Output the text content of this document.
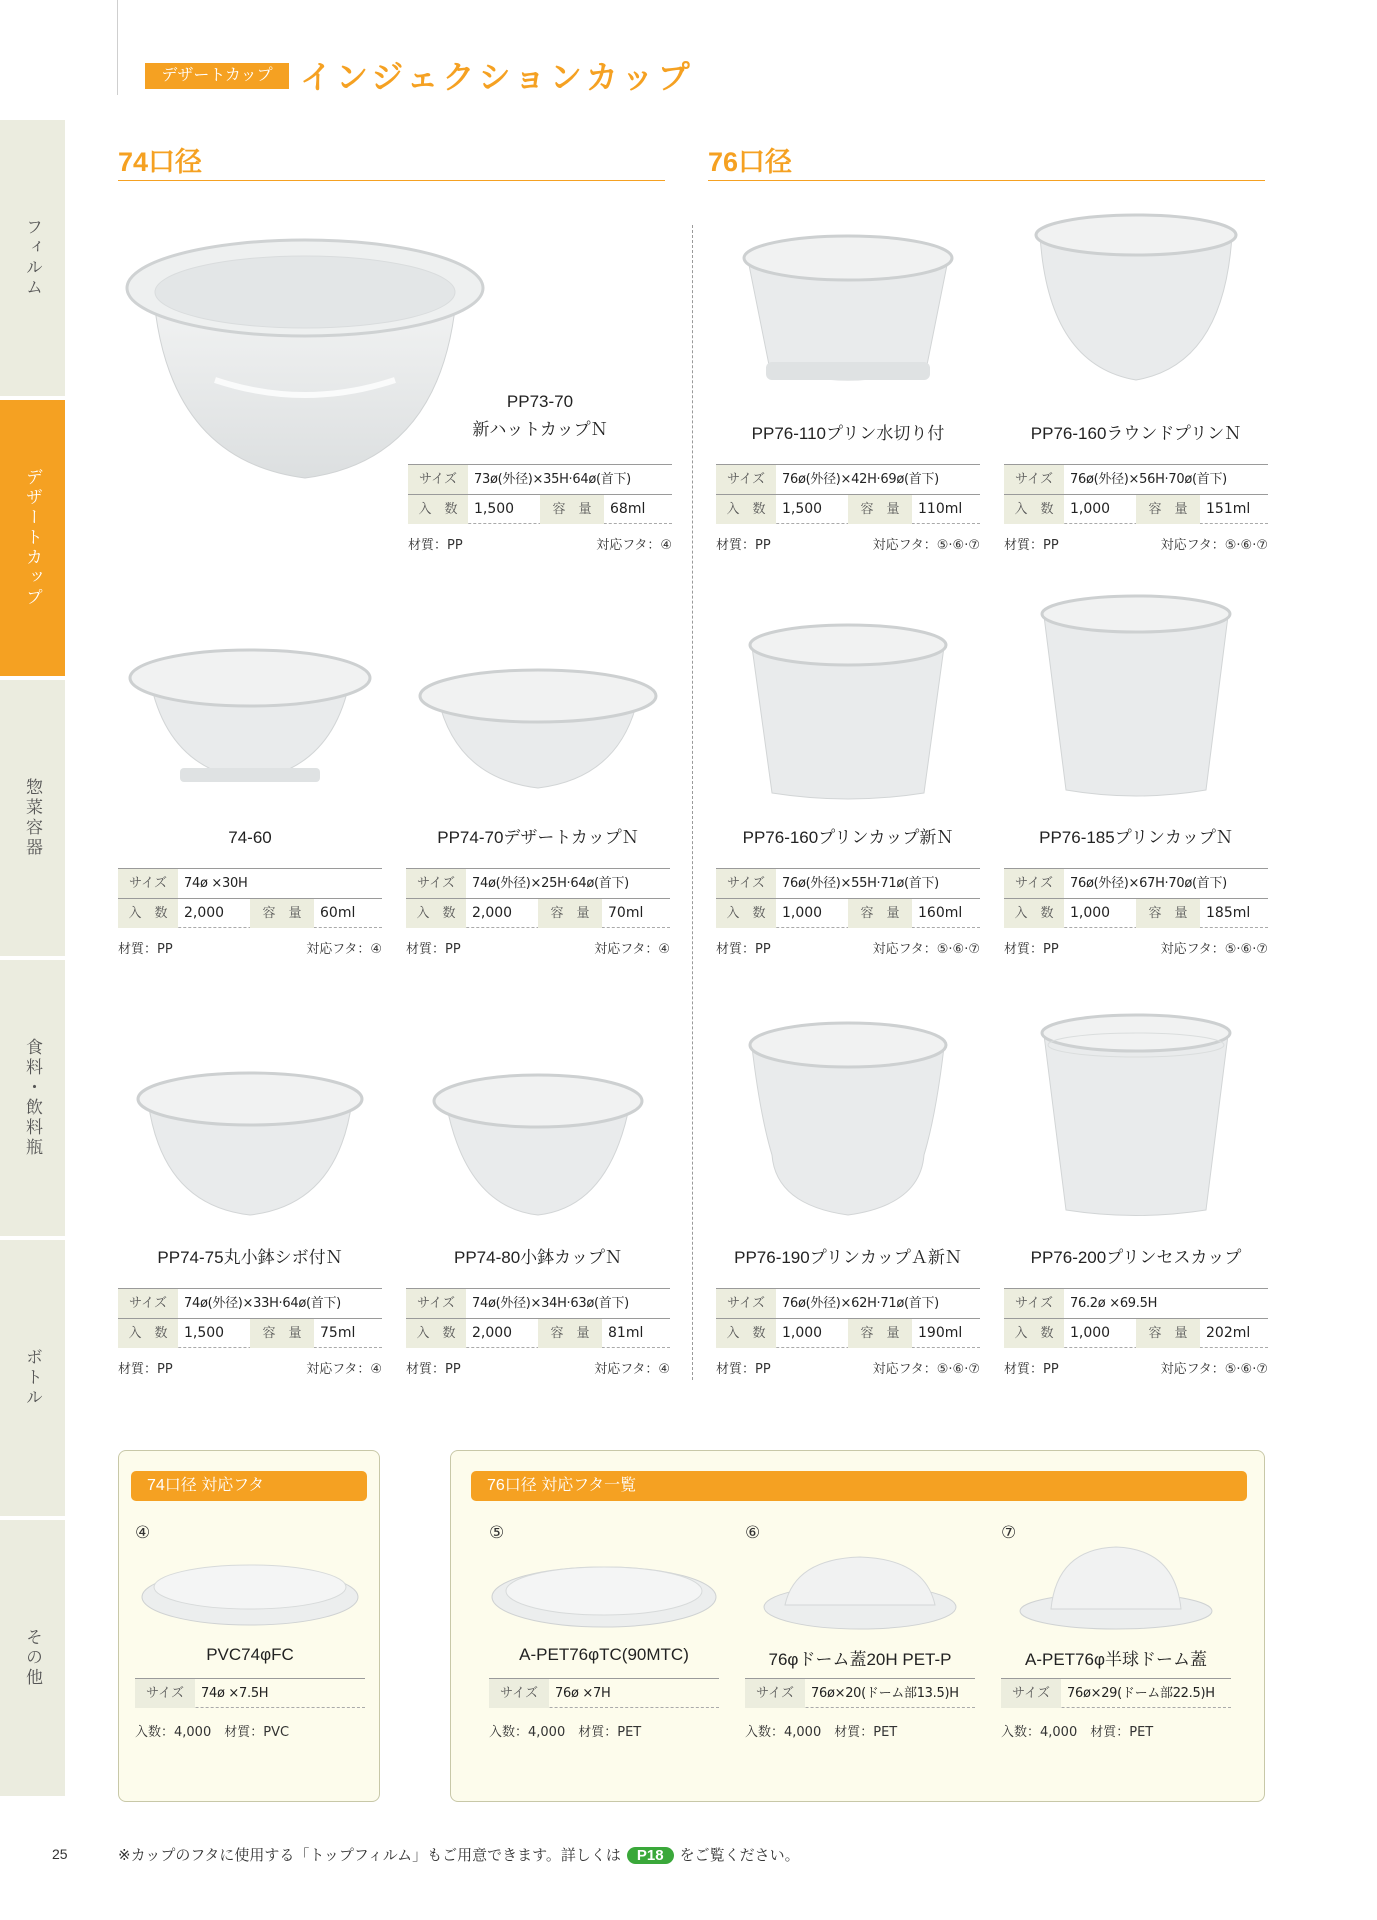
デザートカップ インジェクションカップ
フィルム
デザートカップ
惣菜容器
食料・飲料瓶
ボトル
その他
74口径	76口径
PP73-70
新ハットカップＮ
サイズ	73ø(外径)×35H·64ø(首下)
入　数	1,500	容　量	68ml
材質：PP	対応フタ：④
PP76-110プリン水切り付
サイズ	76ø(外径)×42H·69ø(首下)
入　数	1,500	容　量	110ml
材質：PP	対応フタ：⑤·⑥·⑦
PP76-160ラウンドプリンＮ
サイズ	76ø(外径)×56H·70ø(首下)
入　数	1,000	容　量	151ml
材質：PP	対応フタ：⑤·⑥·⑦
74-60
サイズ	74ø ×30H
入　数	2,000	容　量	60ml
材質：PP	対応フタ：④
PP74-70デザートカップＮ
サイズ	74ø(外径)×25H·64ø(首下)
入　数	2,000	容　量	70ml
材質：PP	対応フタ：④
PP76-160プリンカップ新Ｎ
サイズ	76ø(外径)×55H·71ø(首下)
入　数	1,000	容　量	160ml
材質：PP	対応フタ：⑤·⑥·⑦
PP76-185プリンカップＮ
サイズ	76ø(外径)×67H·70ø(首下)
入　数	1,000	容　量	185ml
材質：PP	対応フタ：⑤·⑥·⑦
PP74-75丸小鉢シボ付Ｎ
サイズ	74ø(外径)×33H·64ø(首下)
入　数	1,500	容　量	75ml
材質：PP	対応フタ：④
PP74-80小鉢カップＮ
サイズ	74ø(外径)×34H·63ø(首下)
入　数	2,000	容　量	81ml
材質：PP	対応フタ：④
PP76-190プリンカップＡ新Ｎ
サイズ	76ø(外径)×62H·71ø(首下)
入　数	1,000	容　量	190ml
材質：PP	対応フタ：⑤·⑥·⑦
PP76-200プリンセスカップ
サイズ	76.2ø ×69.5H
入　数	1,000	容　量	202ml
材質：PP	対応フタ：⑤·⑥·⑦
74口径 対応フタ
④
PVC74φFC
サイズ	74ø ×7.5H
入数：4,000　 材質：PVC
76口径 対応フタ一覧
⑤
A-PET76φTC(90MTC)
サイズ	76ø ×7H
入数：4,000　 材質：PET
⑥
76φドーム蓋20H PET-P
サイズ	76ø×20(ドーム部13.5)H
入数：4,000　 材質：PET
⑦
A-PET76φ半球ドーム蓋
サイズ	76ø×29(ドーム部22.5)H
入数：4,000　 材質：PET
25	※カップのフタに使用する「トップフィルム」もご用意できます。詳しくは P18 をご覧ください。
